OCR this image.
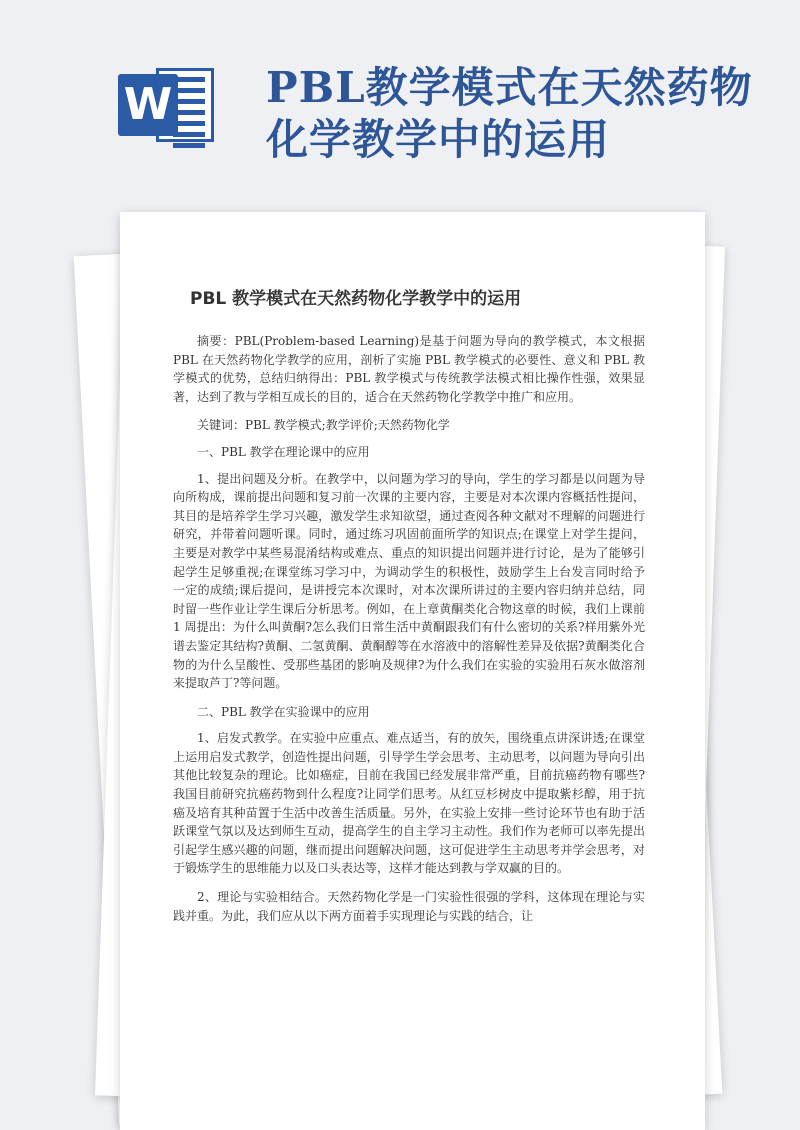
W PBL教学模式在天然药物化学教学中的运用
PBL 教学模式在天然药物化学教学中的运用

摘要：PBL(Problem-based Learning)是基于问题为导向的教学模式，本文根据 PBL 在天然药物化学教学的应用，剖析了实施 PBL 教学模式的必要性、意义和 PBL 教学模式的优势，总结归纳得出：PBL 教学模式与传统教学法模式相比操作性强，效果显著，达到了教与学相互成长的目的，适合在天然药物化学教学中推广和应用。

关键词：PBL 教学模式;教学评价;天然药物化学

一、PBL 教学在理论课中的应用

1、提出问题及分析。在教学中，以问题为学习的导向，学生的学习都是以问题为导向所构成，课前提出问题和复习前一次课的主要内容，主要是对本次课内容概括性提问，其目的是培养学生学习兴趣，激发学生求知欲望，通过查阅各种文献对不理解的问题进行研究，并带着问题听课。同时，通过练习巩固前面所学的知识点;在课堂上对学生提问，主要是对教学中某些易混淆结构或难点、重点的知识提出问题并进行讨论，是为了能够引起学生足够重视;在课堂练习学习中，为调动学生的积极性，鼓励学生上台发言同时给予一定的成绩;课后提问，是讲授完本次课时，对本次课所讲过的主要内容归纳并总结，同时留一些作业让学生课后分析思考。例如，在上章黄酮类化合物这章的时候，我们上课前 1 周提出：为什么叫黄酮?怎么我们日常生活中黄酮跟我们有什么密切的关系?样用紫外光谱去鉴定其结构?黄酮、二氢黄酮、黄酮醇等在水溶液中的溶解性差异及依据?黄酮类化合物的为什么呈酸性、受那些基团的影响及规律?为什么我们在实验的实验用石灰水做溶剂来提取芦丁?等问题。

二、PBL 教学在实验课中的应用

1、启发式教学。在实验中应重点、难点适当，有的放矢，围绕重点讲深讲透;在课堂上运用启发式教学，创造性提出问题，引导学生学会思考、主动思考，以问题为导向引出其他比较复杂的理论。比如癌症，目前在我国已经发展非常严重，目前抗癌药物有哪些?我国目前研究抗癌药物到什么程度?让同学们思考。从红豆杉树皮中提取紫杉醇，用于抗癌及培育其种苗置于生活中改善生活质量。另外，在实验上安排一些讨论环节也有助于活跃课堂气氛以及达到师生互动，提高学生的自主学习主动性。我们作为老师可以率先提出引起学生感兴趣的问题，继而提出问题解决问题，这可促进学生主动思考并学会思考，对于锻炼学生的思维能力以及口头表达等，这样才能达到教与学双赢的目的。

2、理论与实验相结合。天然药物化学是一门实验性很强的学科，这体现在理论与实践并重。为此，我们应从以下两方面着手实现理论与实践的结合，让
